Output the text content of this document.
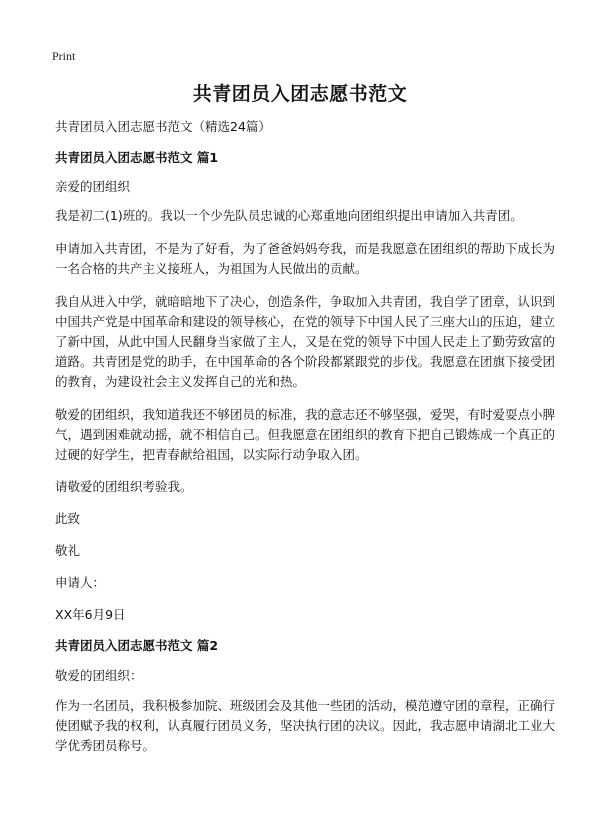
Print
共青团员入团志愿书范文

共青团员入团志愿书范文（精选24篇）

共青团员入团志愿书范文 篇1

亲爱的团组织

我是初二(1)班的。我以一个少先队员忠诚的心郑重地向团组织提出申请加入共青团。

申请加入共青团，不是为了好看，为了爸爸妈妈夸我，而是我愿意在团组织的帮助下成长为一名合格的共产主义接班人，为祖国为人民做出的贡献。

我自从进入中学，就暗暗地下了决心，创造条件，争取加入共青团，我自学了团章，认识到中国共产党是中国革命和建设的领导核心，在党的领导下中国人民了三座大山的压迫，建立了新中国，从此中国人民翻身当家做了主人，又是在党的领导下中国人民走上了勤劳致富的道路。共青团是党的助手，在中国革命的各个阶段都紧跟党的步伐。我愿意在团旗下接受团的教育，为建设社会主义发挥自己的光和热。

敬爱的团组织，我知道我还不够团员的标准，我的意志还不够坚强，爱哭，有时爱耍点小脾气，遇到困难就动摇，就不相信自己。但我愿意在团组织的教育下把自己锻炼成一个真正的过硬的好学生，把青春献给祖国，以实际行动争取入团。

请敬爱的团组织考验我。

此致

敬礼

申请人：

XX年6月9日

共青团员入团志愿书范文 篇2

敬爱的团组织：

作为一名团员，我积极参加院、班级团会及其他一些团的活动，模范遵守团的章程，正确行使团赋予我的权利，认真履行团员义务，坚决执行团的决议。因此，我志愿申请湖北工业大学优秀团员称号。
